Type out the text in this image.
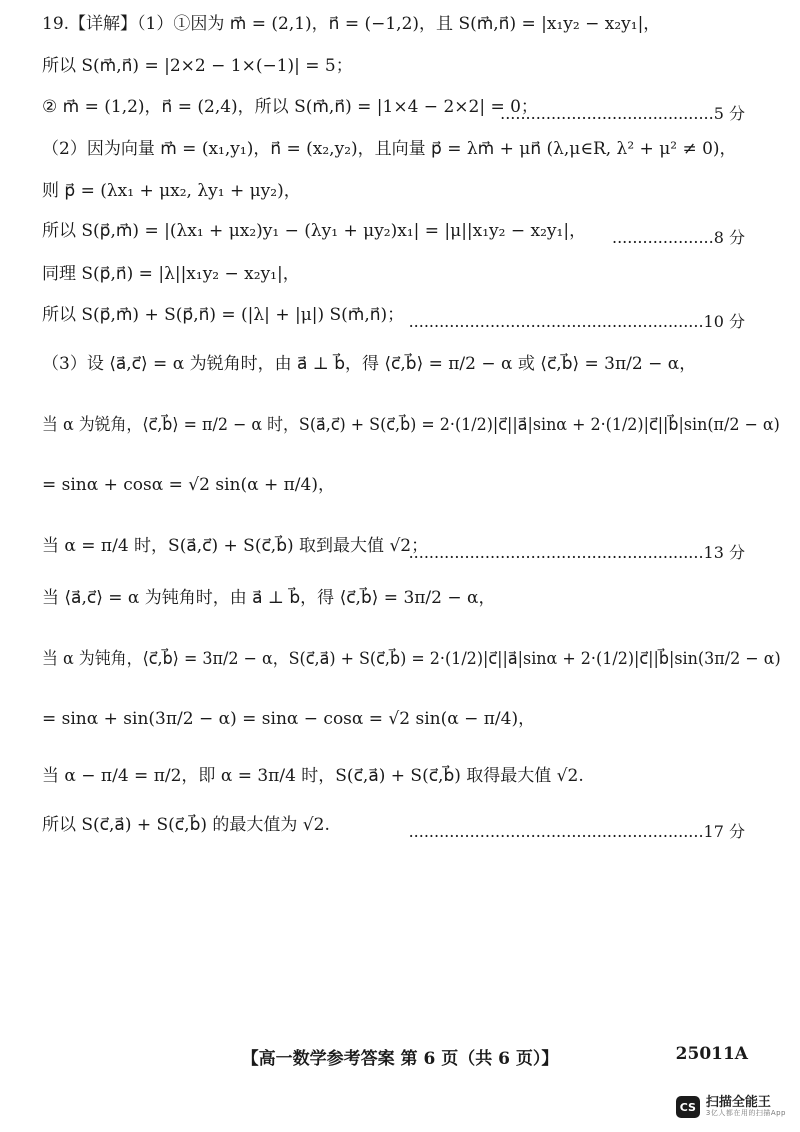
19.【详解】（1）①因为 m⃗ = (2,1)，n⃗ = (−1,2)，且 S(m⃗,n⃗) = |x₁y₂ − x₂y₁|，
所以 S(m⃗,n⃗) = |2×2 − 1×(−1)| = 5；
② m⃗ = (1,2)，n⃗ = (2,4)，所以 S(m⃗,n⃗) = |1×4 − 2×2| = 0；
..........................................5 分
（2）因为向量 m⃗ = (x₁,y₁)，n⃗ = (x₂,y₂)，且向量 p⃗ = λm⃗ + μn⃗ (λ,μ∈R, λ² + μ² ≠ 0)，
则 p⃗ = (λx₁ + μx₂, λy₁ + μy₂)，
所以 S(p⃗,m⃗) = |(λx₁ + μx₂)y₁ − (λy₁ + μy₂)x₁| = |μ||x₁y₂ − x₂y₁|， ....................8 分
同理 S(p⃗,n⃗) = |λ||x₁y₂ − x₂y₁|，
所以 S(p⃗,m⃗) + S(p⃗,n⃗) = (|λ| + |μ|) S(m⃗,n⃗)； ..........................................................10 分
（3）设 ⟨a⃗,c⃗⟩ = α 为锐角时，由 a⃗ ⊥ b⃗，得 ⟨c⃗,b⃗⟩ = π/2 − α 或 ⟨c⃗,b⃗⟩ = 3π/2 − α，
当 α 为锐角，⟨c⃗,b⃗⟩ = π/2 − α 时，S(a⃗,c⃗) + S(c⃗,b⃗) = 2·(1/2)|c⃗||a⃗|sinα + 2·(1/2)|c⃗||b⃗|sin(π/2 − α)
= sinα + cosα = √2 sin(α + π/4)，
当 α = π/4 时，S(a⃗,c⃗) + S(c⃗,b⃗) 取到最大值 √2；
..........................................................13 分
当 ⟨a⃗,c⃗⟩ = α 为钝角时，由 a⃗ ⊥ b⃗，得 ⟨c⃗,b⃗⟩ = 3π/2 − α，
当 α 为钝角，⟨c⃗,b⃗⟩ = 3π/2 − α，S(c⃗,a⃗) + S(c⃗,b⃗) = 2·(1/2)|c⃗||a⃗|sinα + 2·(1/2)|c⃗||b⃗|sin(3π/2 − α)
= sinα + sin(3π/2 − α) = sinα − cosα = √2 sin(α − π/4)，
当 α − π/4 = π/2，即 α = 3π/4 时，S(c⃗,a⃗) + S(c⃗,b⃗) 取得最大值 √2.
所以 S(c⃗,a⃗) + S(c⃗,b⃗) 的最大值为 √2.	..........................................................17 分
【高一数学参考答案 第 6 页（共 6 页）】	25011A
CS 扫描全能王
3亿人都在用的扫描App
